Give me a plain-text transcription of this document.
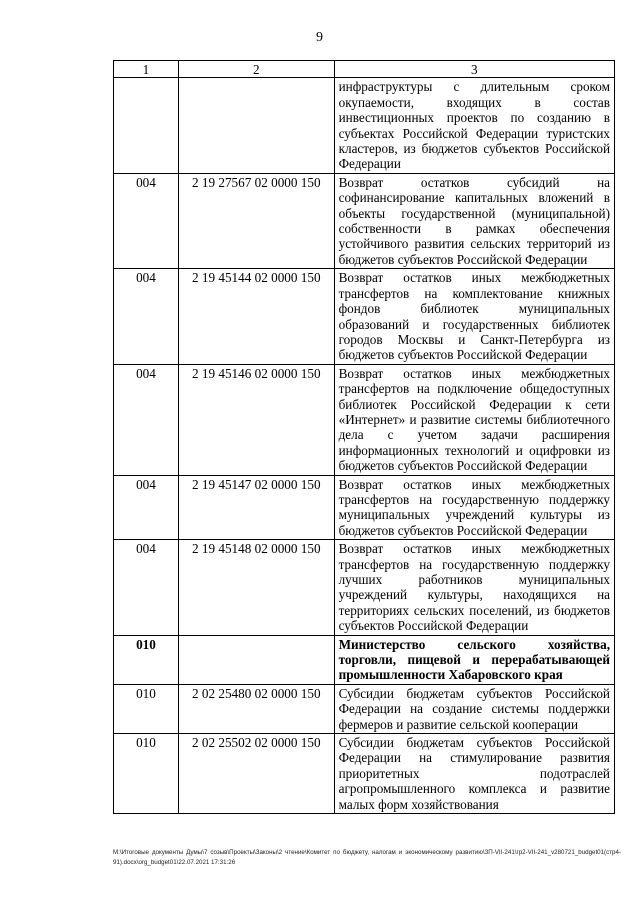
9
1	2	3
		инфраструктуры с длительным сроком окупаемости, входящих в состав инвестиционных проектов по созданию в субъектах Российской Федерации туристских кластеров, из бюджетов субъектов Российской Федерации
004	2 19 27567 02 0000 150	Возврат остатков субсидий на софинансирование капитальных вложений в объекты государственной (муниципальной) собственности в рамках обеспечения устойчивого развития сельских территорий из бюджетов субъектов Российской Федерации
004	2 19 45144 02 0000 150	Возврат остатков иных межбюджетных трансфертов на комплектование книжных фондов библиотек муниципальных образований и государственных библиотек городов Москвы и Санкт-Петербурга из бюджетов субъектов Российской Федерации
004	2 19 45146 02 0000 150	Возврат остатков иных межбюджетных трансфертов на подключение общедоступных библиотек Российской Федерации к сети «Интернет» и развитие системы библиотечного дела с учетом задачи расширения информационных технологий и оцифровки из бюджетов субъектов Российской Федерации
004	2 19 45147 02 0000 150	Возврат остатков иных межбюджетных трансфертов на государственную поддержку муниципальных учреждений культуры из бюджетов субъектов Российской Федерации
004	2 19 45148 02 0000 150	Возврат остатков иных межбюджетных трансфертов на государственную поддержку лучших работников муниципальных учреждений культуры, находящихся на территориях сельских поселений, из бюджетов субъектов Российской Федерации
010		Министерство сельского хозяйства, торговли, пищевой и перерабатывающей промышленности Хабаровского края
010	2 02 25480 02 0000 150	Субсидии бюджетам субъектов Российской Федерации на создание системы поддержки фермеров и развитие сельской кооперации
010	2 02 25502 02 0000 150	Субсидии бюджетам субъектов Российской Федерации на стимулирование развития приоритетных подотраслей агропромышленного комплекса и развитие малых форм хозяйствования
M:\Итоговые документы Думы\7 созыв\Проекты\Законы\2 чтение\Комитет по бюджету, налогам и экономическому развитию\ЗП-VII-241\гр2-VII-241_v280721_budget01(стр4-91).docx\org_budget01\22.07.2021 17:31:26
